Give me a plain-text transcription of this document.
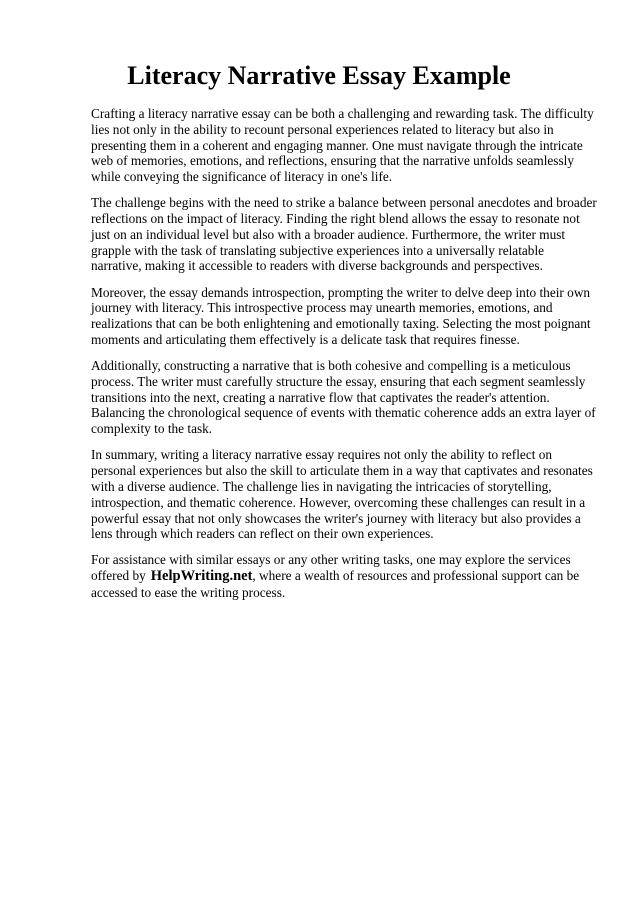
Literacy Narrative Essay Example

Crafting a literacy narrative essay can be both a challenging and rewarding task. The difficulty lies not only in the ability to recount personal experiences related to literacy but also in presenting them in a coherent and engaging manner. One must navigate through the intricate web of memories, emotions, and reflections, ensuring that the narrative unfolds seamlessly while conveying the significance of literacy in one's life.

The challenge begins with the need to strike a balance between personal anecdotes and broader reflections on the impact of literacy. Finding the right blend allows the essay to resonate not just on an individual level but also with a broader audience. Furthermore, the writer must grapple with the task of translating subjective experiences into a universally relatable narrative, making it accessible to readers with diverse backgrounds and perspectives.

Moreover, the essay demands introspection, prompting the writer to delve deep into their own journey with literacy. This introspective process may unearth memories, emotions, and realizations that can be both enlightening and emotionally taxing. Selecting the most poignant moments and articulating them effectively is a delicate task that requires finesse.

Additionally, constructing a narrative that is both cohesive and compelling is a meticulous process. The writer must carefully structure the essay, ensuring that each segment seamlessly transitions into the next, creating a narrative flow that captivates the reader's attention. Balancing the chronological sequence of events with thematic coherence adds an extra layer of complexity to the task.

In summary, writing a literacy narrative essay requires not only the ability to reflect on personal experiences but also the skill to articulate them in a way that captivates and resonates with a diverse audience. The challenge lies in navigating the intricacies of storytelling, introspection, and thematic coherence. However, overcoming these challenges can result in a powerful essay that not only showcases the writer's journey with literacy but also provides a lens through which readers can reflect on their own experiences.

For assistance with similar essays or any other writing tasks, one may explore the services offered by HelpWriting.net, where a wealth of resources and professional support can be accessed to ease the writing process.
